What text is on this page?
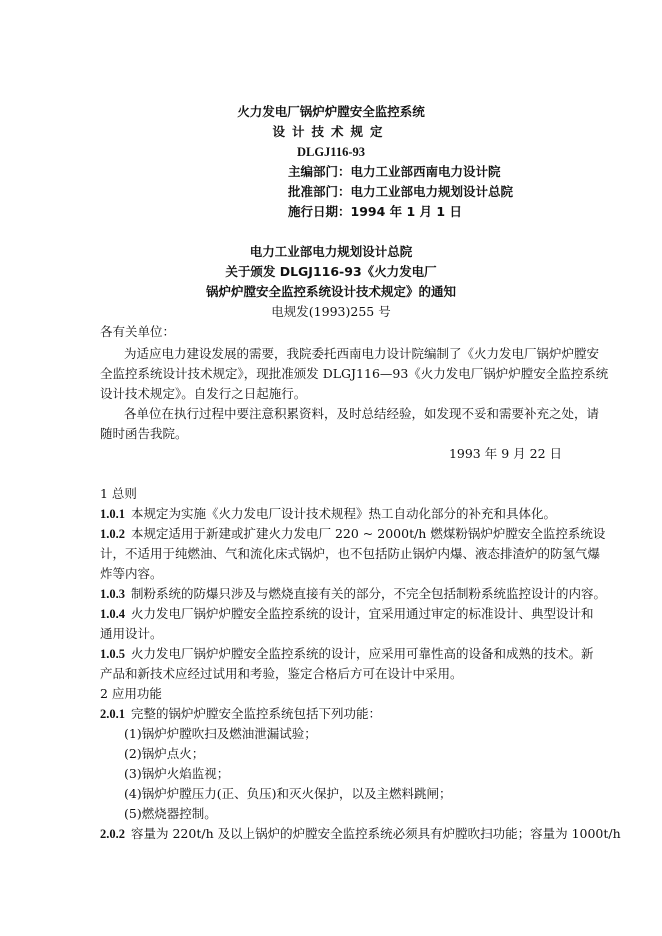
火力发电厂锅炉炉膛安全监控系统
设计技术规定
DLGJ116-93
主编部门：电力工业部西南电力设计院
批准部门：电力工业部电力规划设计总院
施行日期：1994 年 1 月 1 日
电力工业部电力规划设计总院
关于颁发 DLGJ116-93《火力发电厂
锅炉炉膛安全监控系统设计技术规定》的通知
电规发(1993)255 号
各有关单位：
为适应电力建设发展的需要，我院委托西南电力设计院编制了《火力发电厂锅炉炉膛安
全监控系统设计技术规定》，现批准颁发 DLGJ116—93《火力发电厂锅炉炉膛安全监控系统
设计技术规定》。自发行之日起施行。
各单位在执行过程中要注意积累资料，及时总结经验，如发现不妥和需要补充之处，请
随时函告我院。
1993 年 9 月 22 日
1 总则
1.0.1 本规定为实施《火力发电厂设计技术规程》热工自动化部分的补充和具体化。
1.0.2 本规定适用于新建或扩建火力发电厂 220 ~ 2000t/h 燃煤粉锅炉炉膛安全监控系统设
计，不适用于纯燃油、气和流化床式锅炉，也不包括防止锅炉内爆、液态排渣炉的防氢气爆
炸等内容。
1.0.3 制粉系统的防爆只涉及与燃烧直接有关的部分，不完全包括制粉系统监控设计的内容。
1.0.4 火力发电厂锅炉炉膛安全监控系统的设计，宜采用通过审定的标准设计、典型设计和
通用设计。
1.0.5 火力发电厂锅炉炉膛安全监控系统的设计，应采用可靠性高的设备和成熟的技术。新
产品和新技术应经过试用和考验，鉴定合格后方可在设计中采用。
2 应用功能
2.0.1 完整的锅炉炉膛安全监控系统包括下列功能：
(1)锅炉炉膛吹扫及燃油泄漏试验；
(2)锅炉点火；
(3)锅炉火焰监视；
(4)锅炉炉膛压力(正、负压)和灭火保护，以及主燃料跳闸；
(5)燃烧器控制。
2.0.2 容量为 220t/h 及以上锅炉的炉膛安全监控系统必须具有炉膛吹扫功能；容量为 1000t/h
